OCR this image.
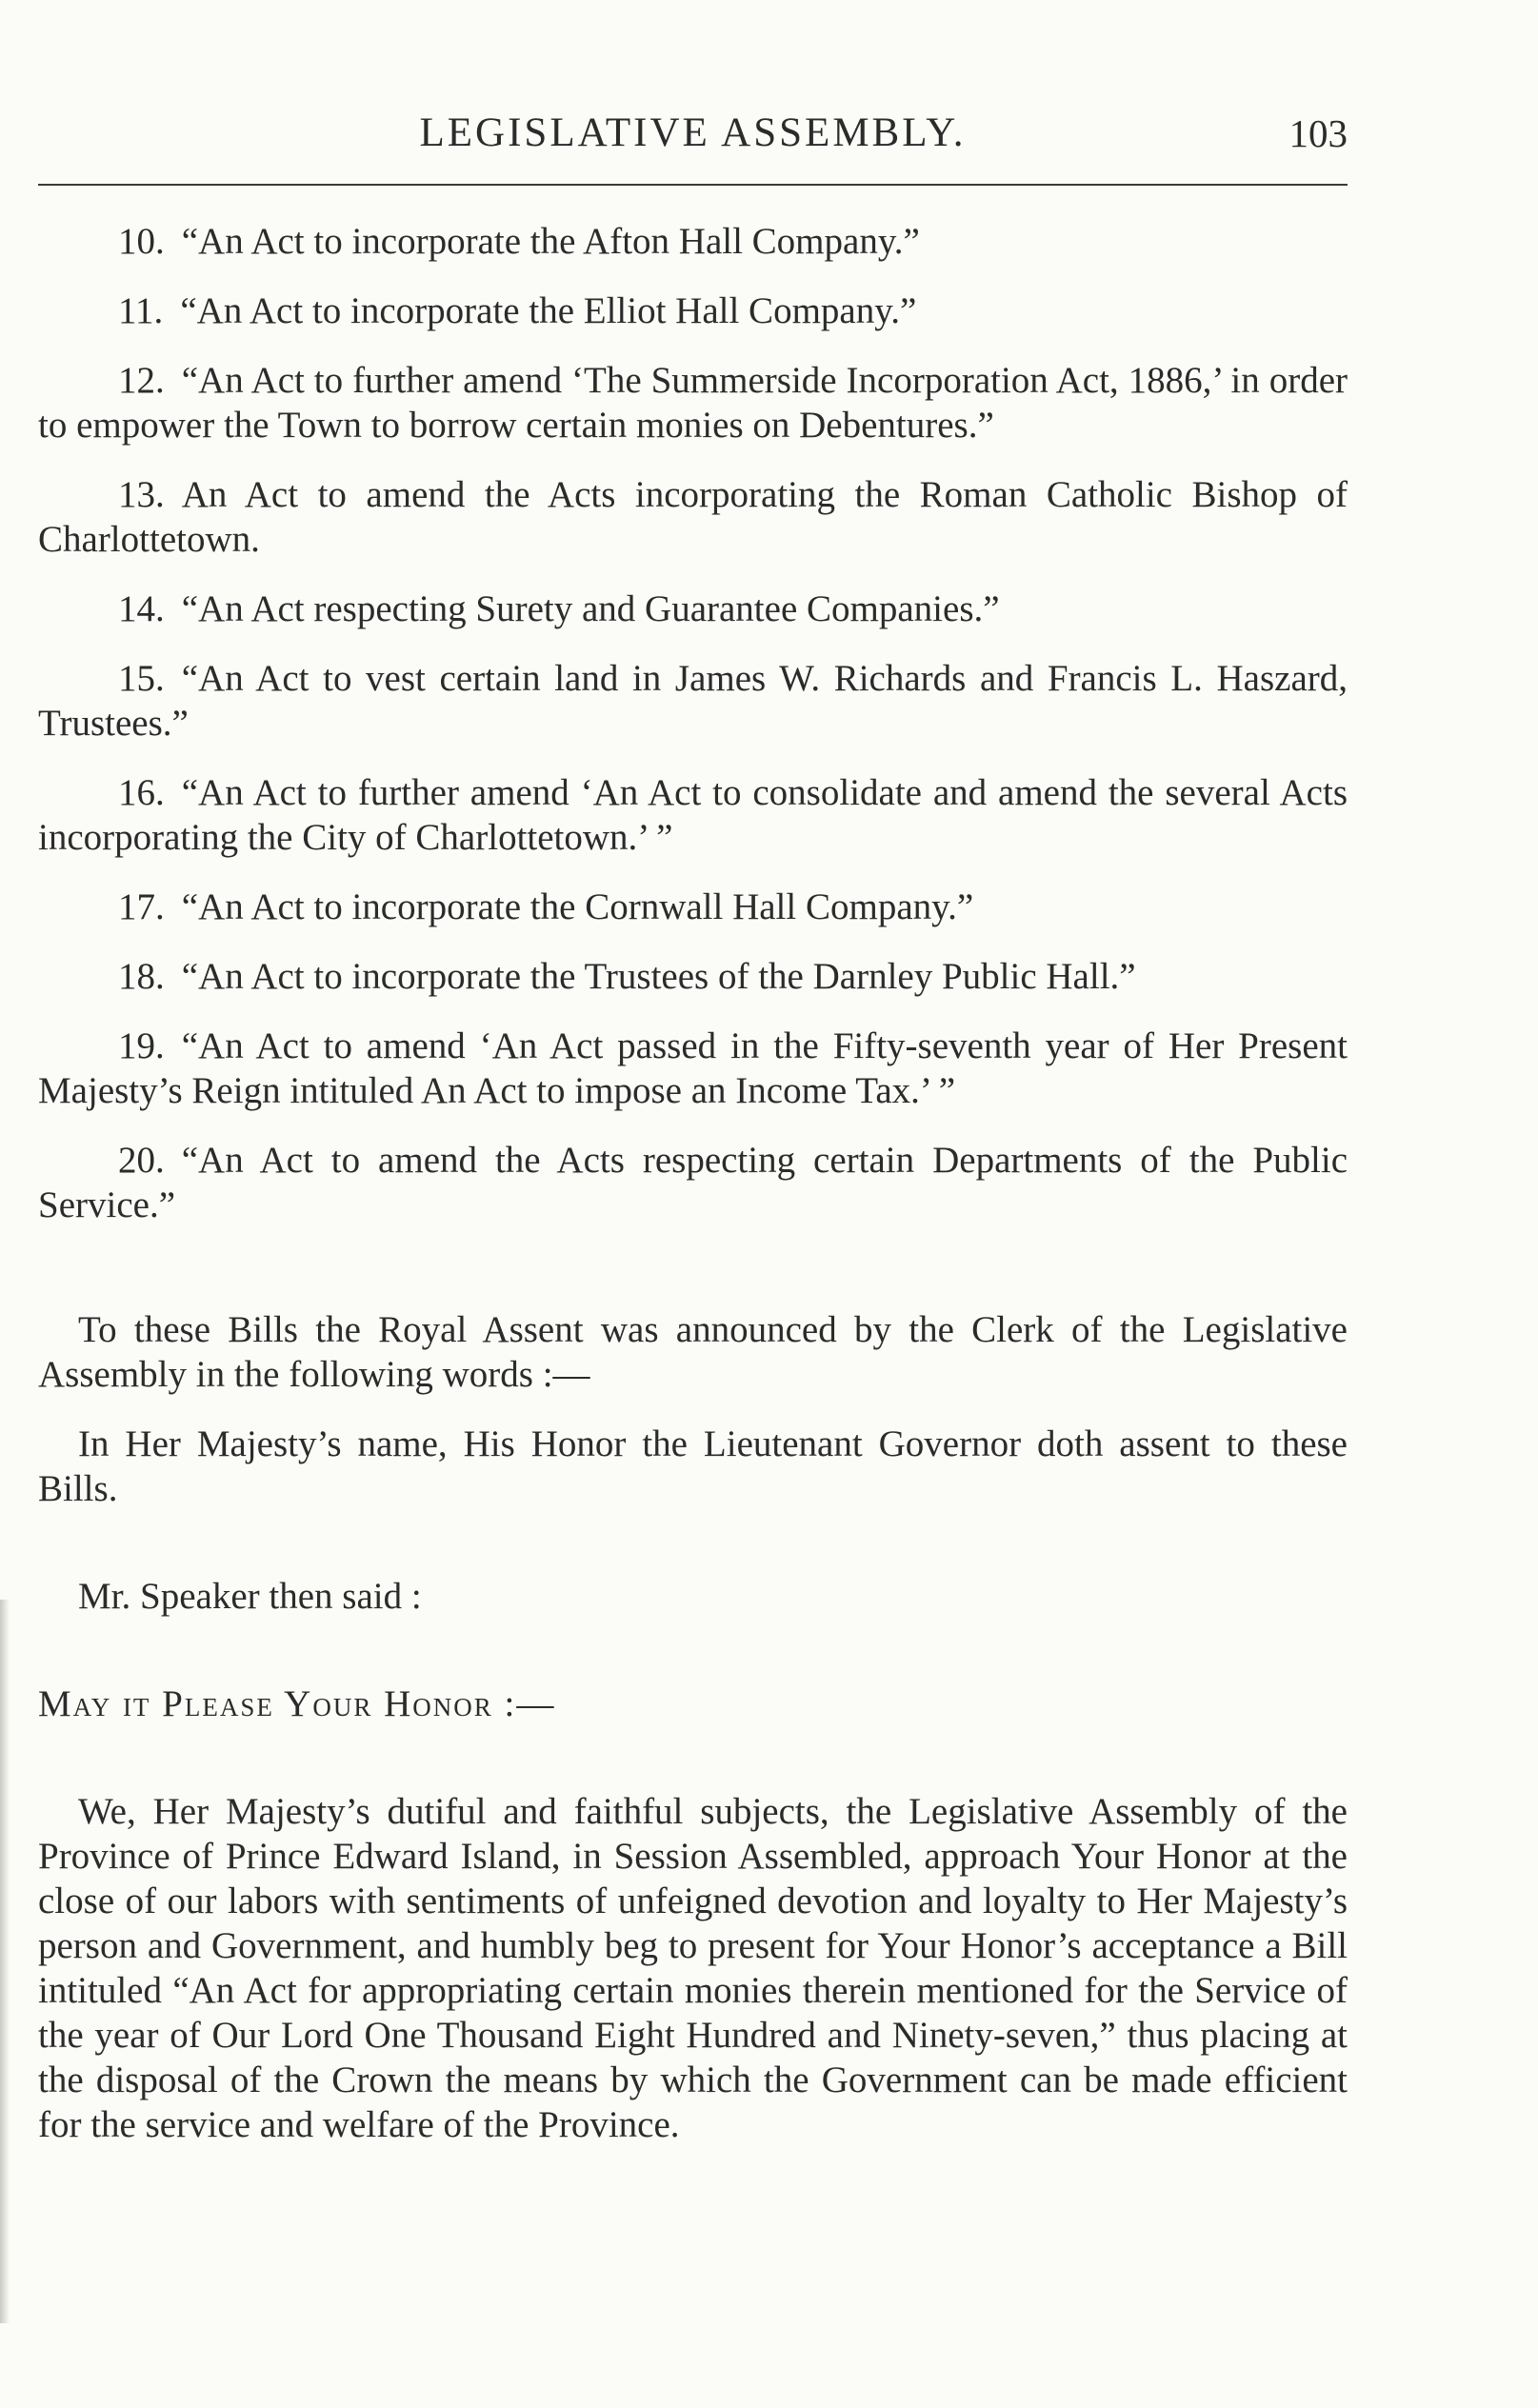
LEGISLATIVE ASSEMBLY.	103

10. “An Act to incorporate the Afton Hall Company.”

11. “An Act to incorporate the Elliot Hall Company.”

12. “An Act to further amend ‘The Summerside Incorporation Act, 1886,’ in order to empower the Town to borrow certain monies on Debentures.”

13. An Act to amend the Acts incorporating the Roman Catholic Bishop of Charlottetown.

14. “An Act respecting Surety and Guarantee Companies.”

15. “An Act to vest certain land in James W. Richards and Francis L. Haszard, Trustees.”

16. “An Act to further amend ‘An Act to consolidate and amend the several Acts incorporating the City of Charlottetown.’ ”

17. “An Act to incorporate the Cornwall Hall Company.”

18. “An Act to incorporate the Trustees of the Darnley Public Hall.”

19. “An Act to amend ‘An Act passed in the Fifty-seventh year of Her Present Majesty’s Reign intituled An Act to impose an Income Tax.’ ”

20. “An Act to amend the Acts respecting certain Departments of the Public Service.”

To these Bills the Royal Assent was announced by the Clerk of the Legislative Assembly in the following words :—

In Her Majesty’s name, His Honor the Lieutenant Governor doth assent to these Bills.

Mr. Speaker then said :

May it Please Your Honor :—

We, Her Majesty’s dutiful and faithful subjects, the Legislative Assembly of the Province of Prince Edward Island, in Session Assembled, approach Your Honor at the close of our labors with sentiments of unfeigned devotion and loyalty to Her Majesty’s person and Government, and humbly beg to present for Your Honor’s acceptance a Bill intituled “An Act for appropriating certain monies therein mentioned for the Service of the year of Our Lord One Thousand Eight Hundred and Ninety-seven,” thus placing at the disposal of the Crown the means by which the Government can be made efficient for the service and welfare of the Province.
